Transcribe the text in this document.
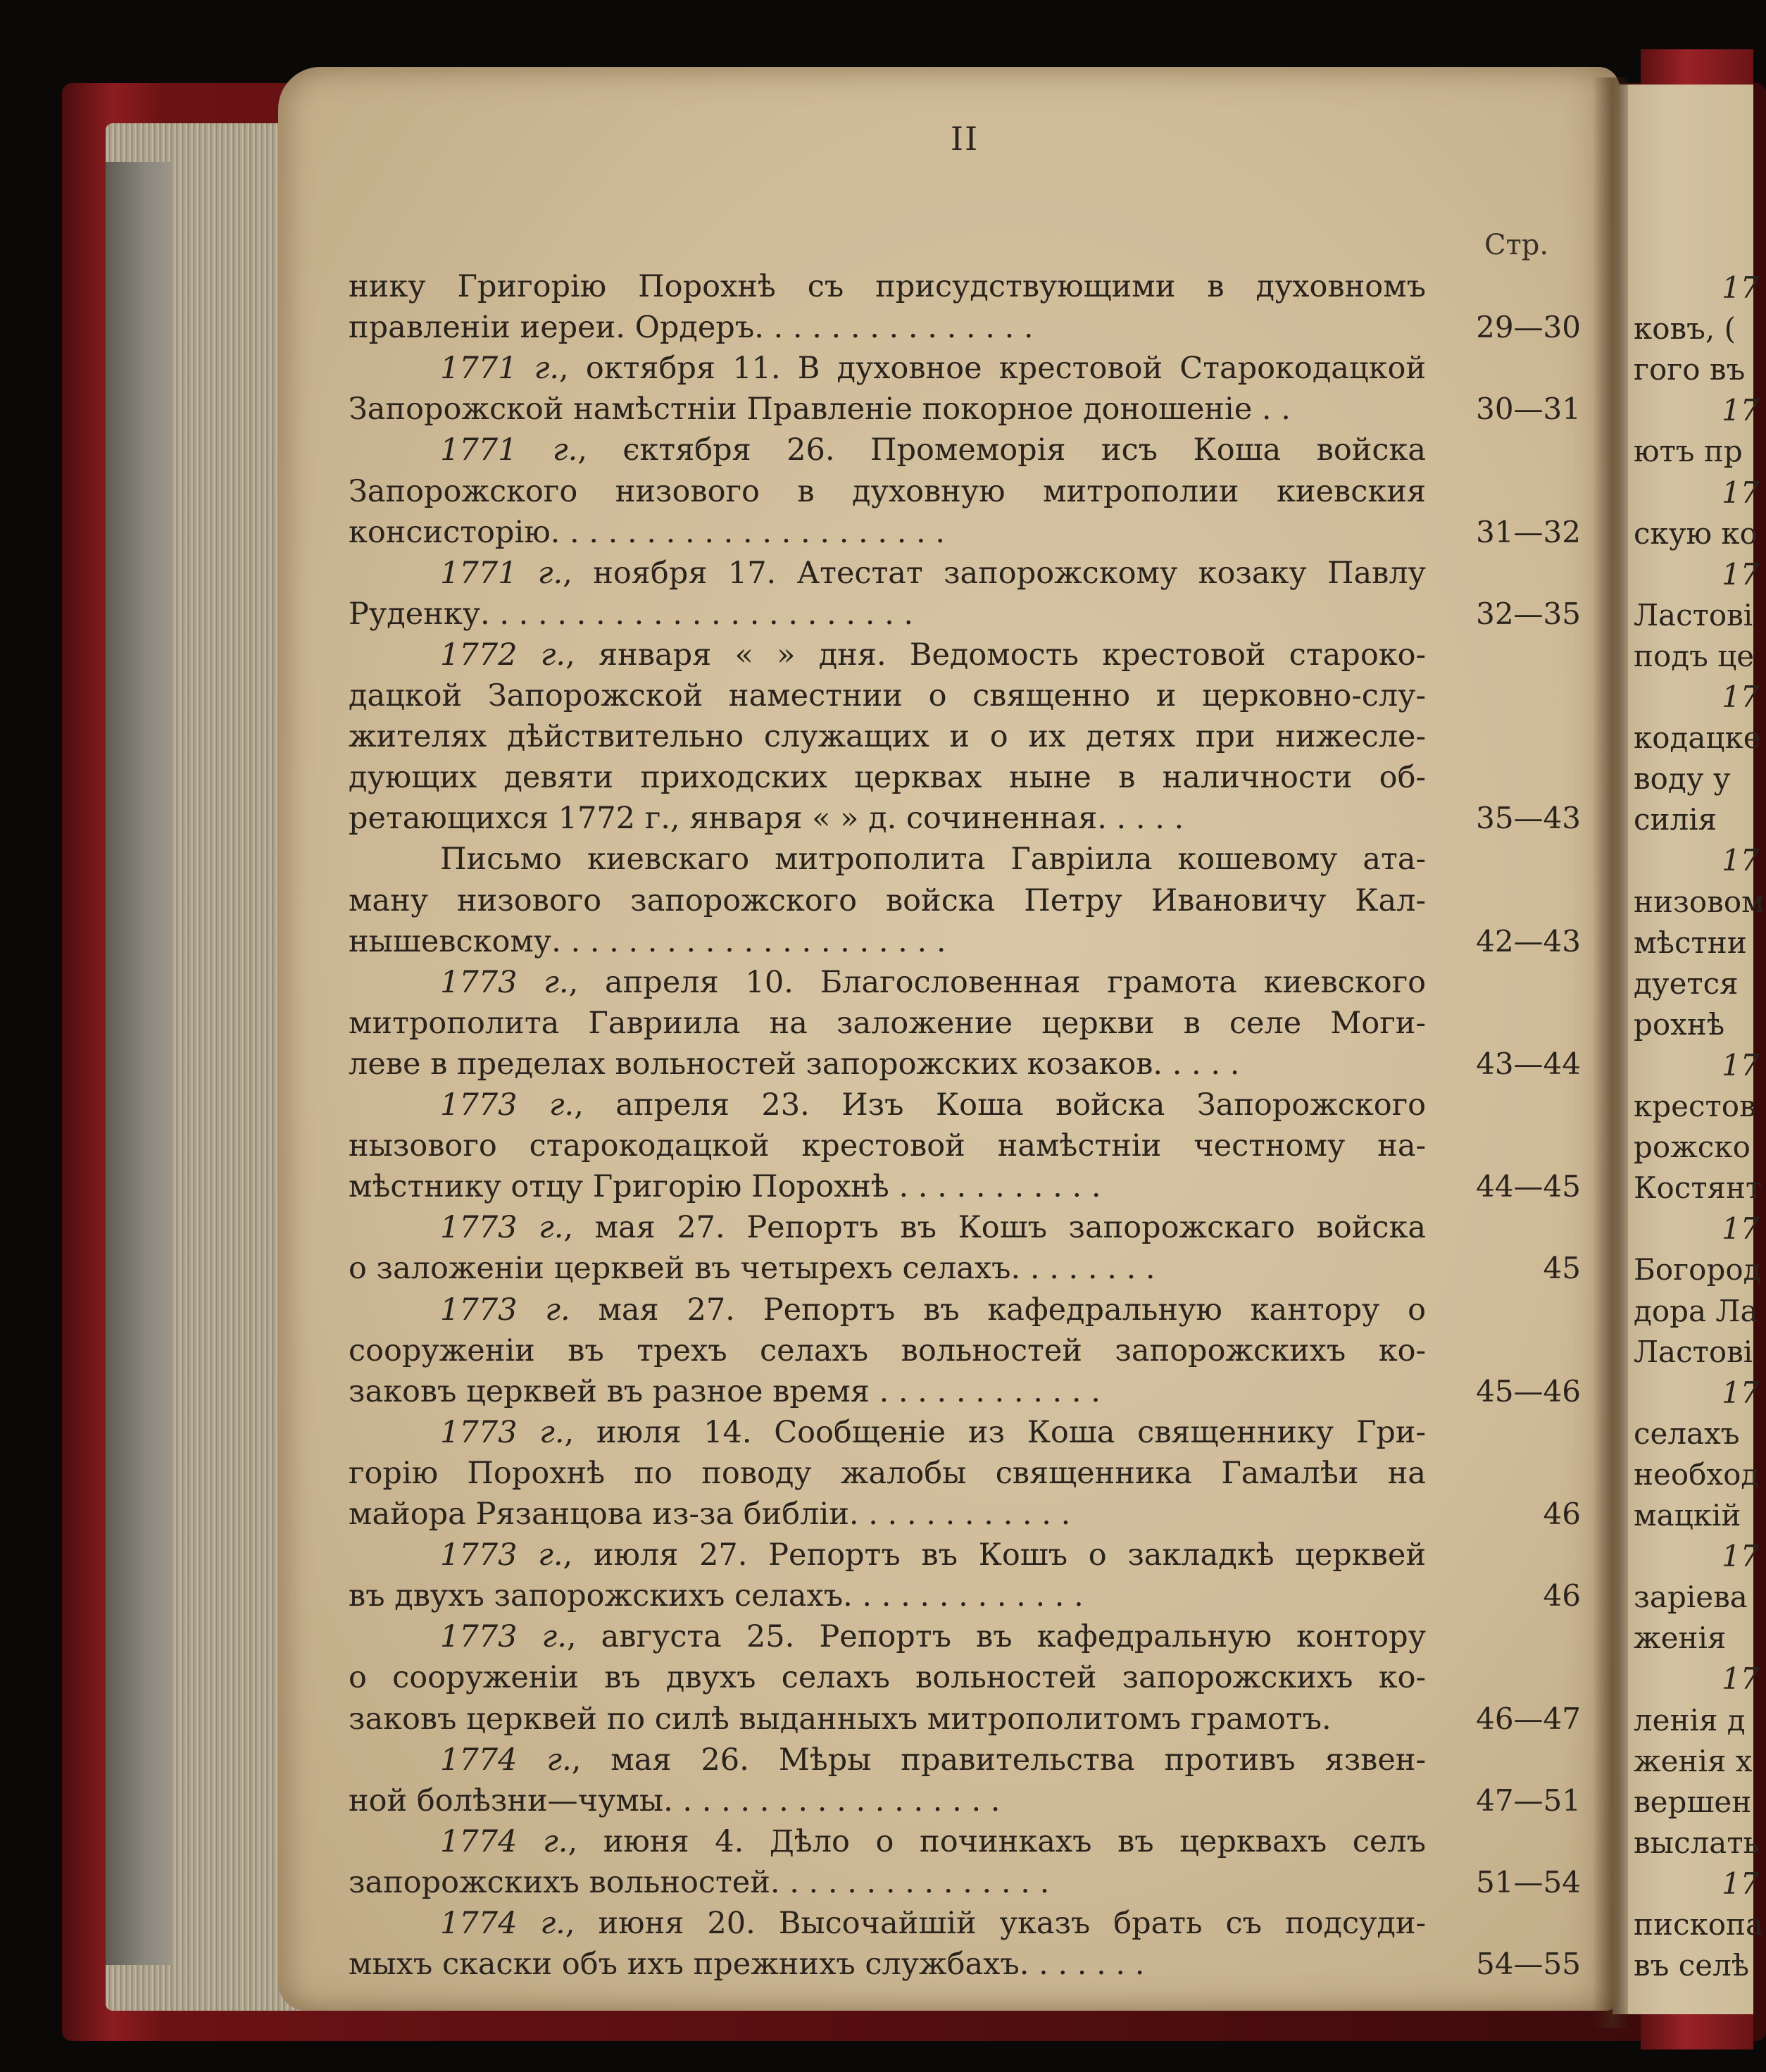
II
Стр.
нику Григорію Порохнѣ съ присудствующими в духовномъ
правленіи иереи. Ордеръ. . . . . . . . . . . . . . .	29—30
1771 г., октября 11. В духовное крестовой Старокодацкой
Запорожской намѣстніи Правленіе покорное доношеніе . .	30—31
1771 г., єктября 26. Промеморія исъ Коша войска
Запорожского низового в духовную митрополии киевския
консисторію. . . . . . . . . . . . . . . . . . . . .	31—32
1771 г., ноября 17. Атестат запорожскому козаку Павлу
Руденку. . . . . . . . . . . . . . . . . . . . . . .	32—35
1772 г., января « » дня. Ведомость крестовой староко-
дацкой Запорожской наместнии о священно и церковно-слу-
жителях дѣйствительно служащих и о их детях при нижесле-
дующих девяти приходских церквах ныне в наличности об-
ретающихся 1772 г., января « » д. сочиненная. . . . .	35—43
Письмо киевскаго митрополита Гавріила кошевому ата-
ману низового запорожского войска Петру Ивановичу Кал-
нышевскому. . . . . . . . . . . . . . . . . . . . .	42—43
1773 г., апреля 10. Благословенная грамота киевского
митрополита Гавриила на заложение церкви в селе Моги-
леве в пределах вольностей запорожских козаков. . . . .	43—44
1773 г., апреля 23. Изъ Коша войска Запорожского
нызового старокодацкой крестовой намѣстніи честному на-
мѣстнику отцу Григорію Порохнѣ . . . . . . . . . . .	44—45
1773 г., мая 27. Репортъ въ Кошъ запорожскаго войска
о заложеніи церквей въ четырехъ селахъ. . . . . . . .	45
1773 г. мая 27. Репортъ въ кафедральную кантору о
сооруженіи въ трехъ селахъ вольностей запорожскихъ ко-
заковъ церквей въ разное время . . . . . . . . . . . .	45—46
1773 г., июля 14. Сообщеніе из Коша священнику Гри-
горію Порохнѣ по поводу жалобы священника Гамалѣи на
майора Рязанцова из-за библіи. . . . . . . . . . . .	46
1773 г., июля 27. Репортъ въ Кошъ о закладкѣ церквей
въ двухъ запорожскихъ селахъ. . . . . . . . . . . . .	46
1773 г., августа 25. Репортъ въ кафедральную контору
о сооруженіи въ двухъ селахъ вольностей запорожскихъ ко-
заковъ церквей по силѣ выданныхъ митрополитомъ грамотъ.	46—47
1774 г., мая 26. Мѣры правительства противъ язвен-
ной болѣзни—чумы. . . . . . . . . . . . . . . . . .	47—51
1774 г., июня 4. Дѣло о починкахъ въ церквахъ селъ
запорожскихъ вольностей. . . . . . . . . . . . . . .	51—54
1774 г., июня 20. Высочайшій указъ брать съ подсуди-
мыхъ скаски объ ихъ прежнихъ службахъ. . . . . . .	54—55
17
ковъ, (
гого въ
17
ютъ пр
17
скую ко
17
Ластові
подъ це
17
кодацке
воду у
силія
17
низовом
мѣстни
дуется
рохнѣ
17
крестов
рожско
Костянт
17
Богород
дора Ла
Ластові
17
селахъ
необход
мацкій
17
заріева
женія
17
ленія д
женія х
вершен
выслать
17
пископа
въ селѣ
